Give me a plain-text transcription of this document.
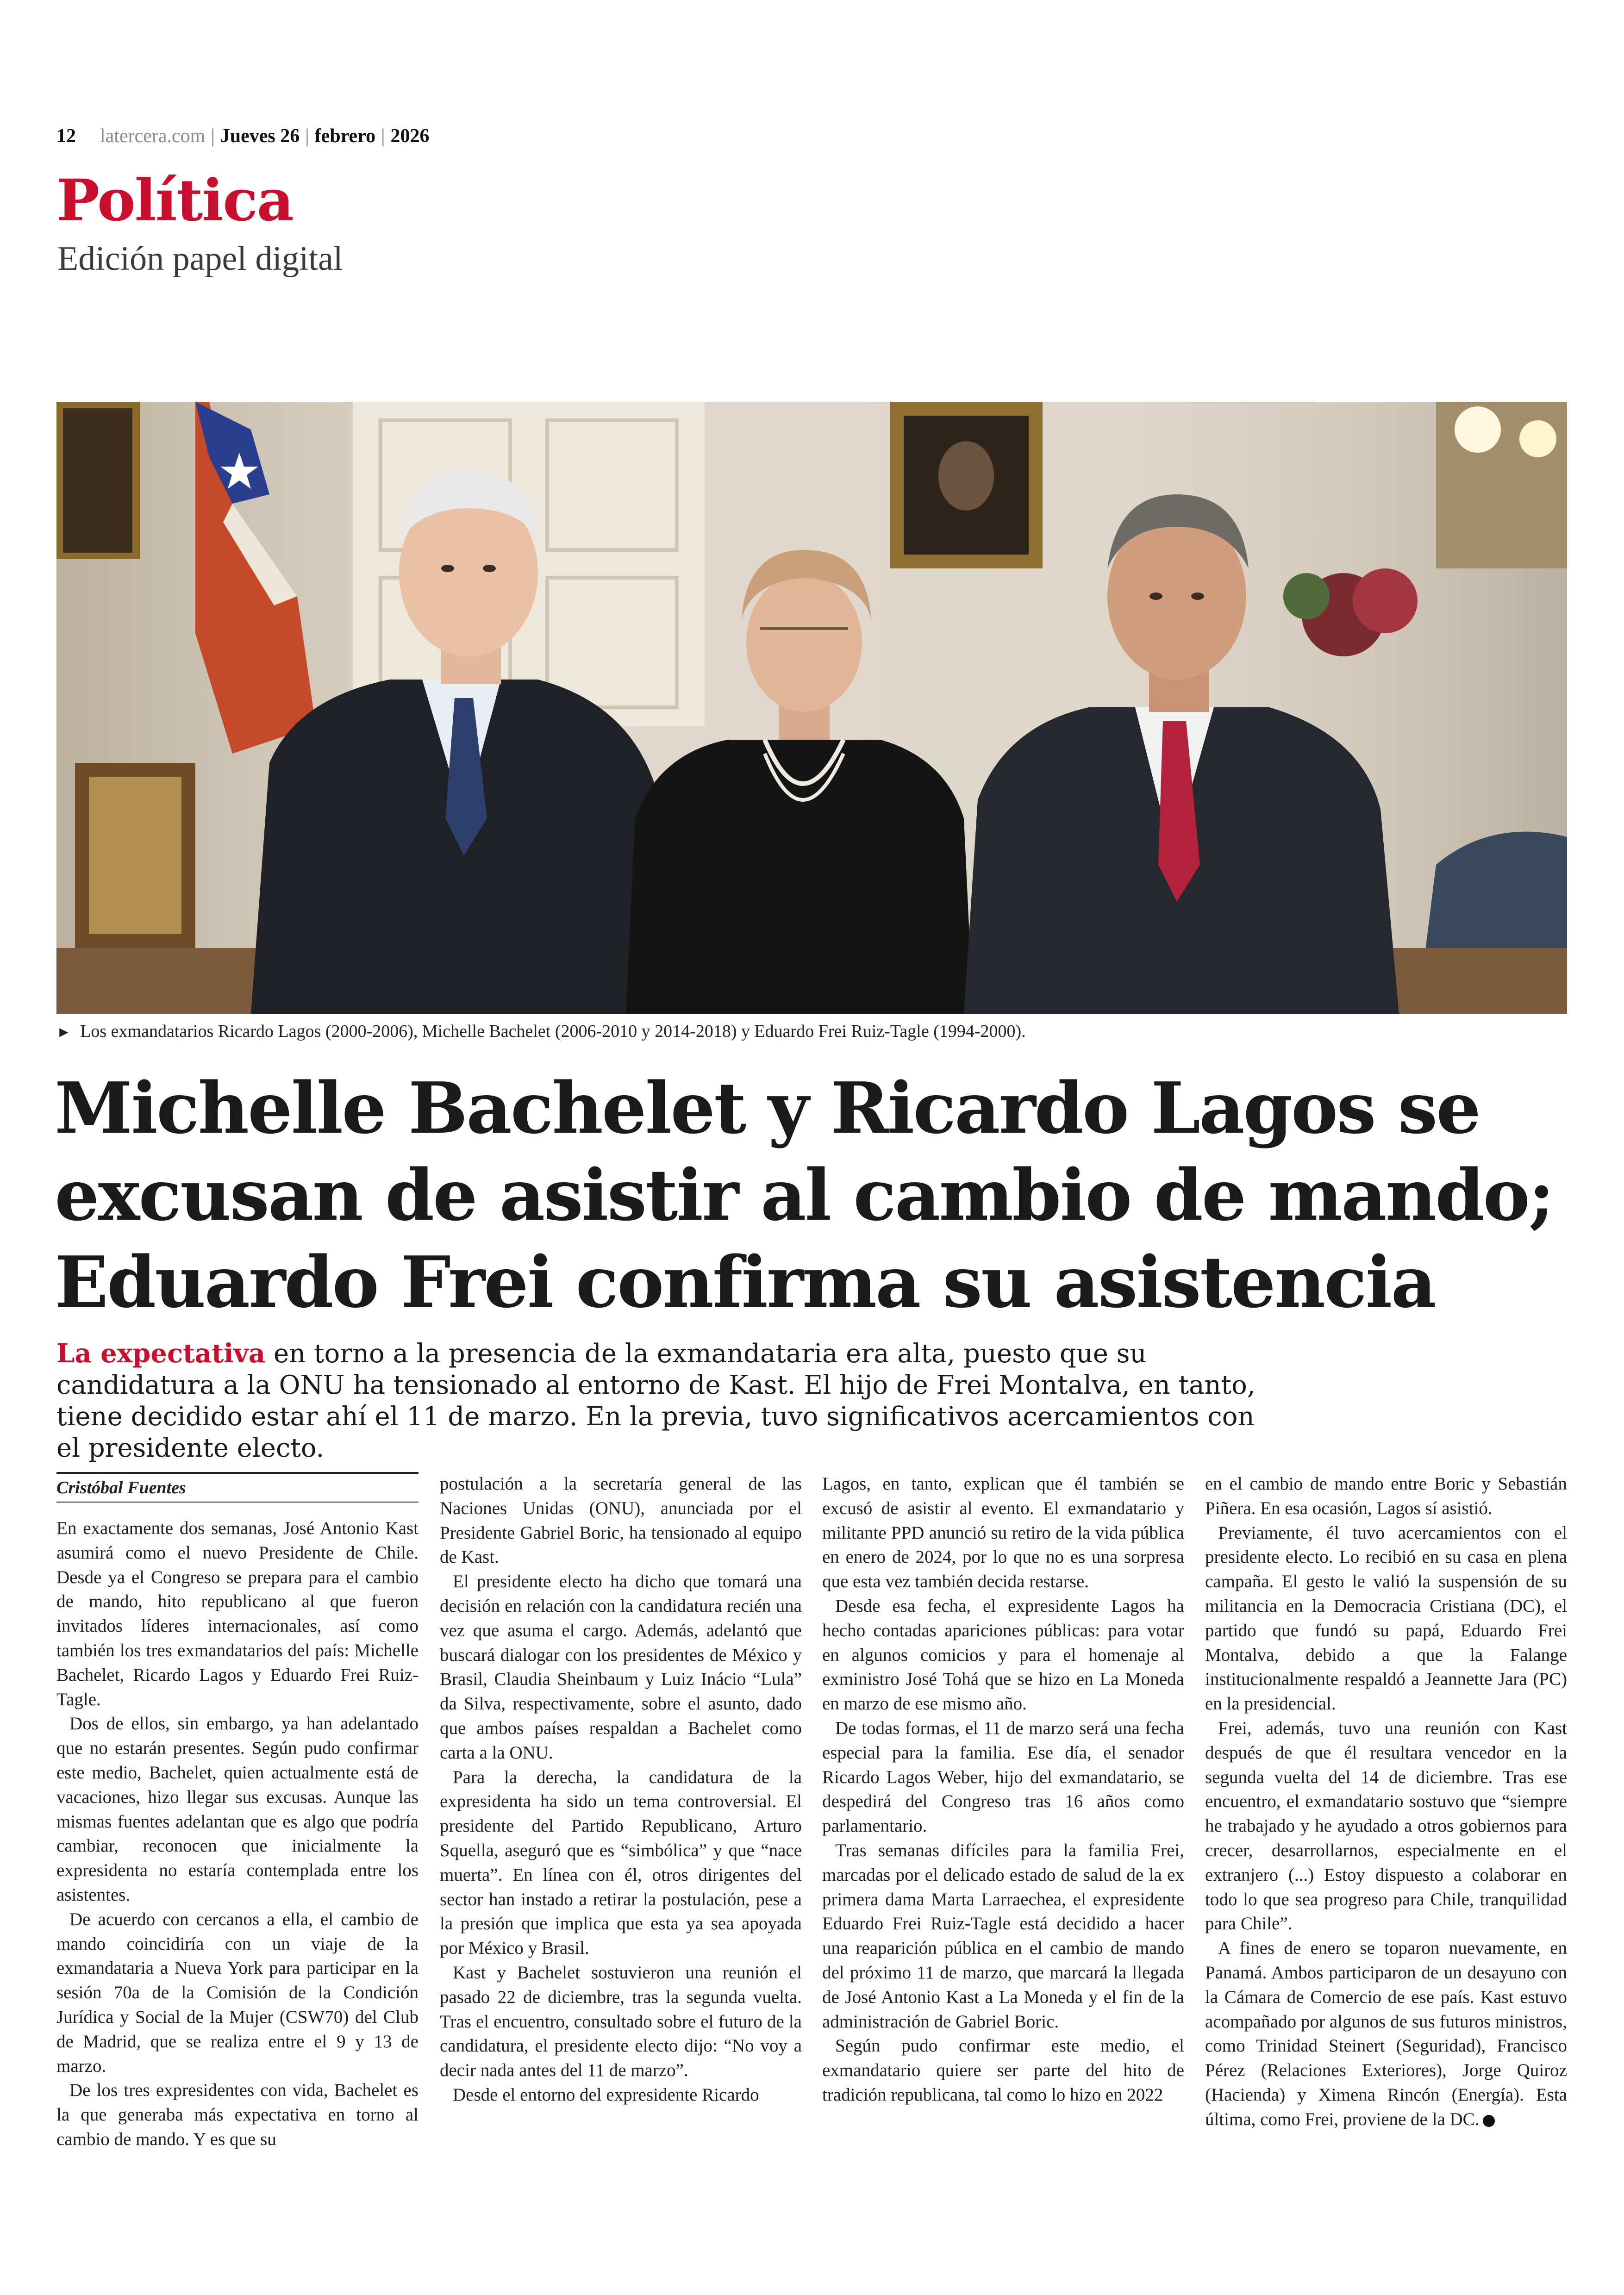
12 latercera.com | Jueves 26 | febrero | 2026
Política
Edición papel digital
► Los exmandatarios Ricardo Lagos (2000-2006), Michelle Bachelet (2006-2010 y 2014-2018) y Eduardo Frei Ruiz-Tagle (1994-2000).
Michelle Bachelet y Ricardo Lagos se excusan de asistir al cambio de mando; Eduardo Frei confirma su asistencia
La expectativa en torno a la presencia de la exmandataria era alta, puesto que su candidatura a la ONU ha tensionado al entorno de Kast. El hijo de Frei Montalva, en tanto, tiene decidido estar ahí el 11 de marzo. En la previa, tuvo significativos acercamientos con el presidente electo.
Cristóbal Fuentes

En exactamente dos semanas, José Antonio Kast asumirá como el nuevo Presidente de Chile. Desde ya el Congreso se prepara para el cambio de mando, hito republicano al que fueron invitados líderes internacionales, así como también los tres exmandatarios del país: Michelle Bachelet, Ricardo Lagos y Eduardo Frei Ruiz-Tagle.

Dos de ellos, sin embargo, ya han adelantado que no estarán presentes. Según pudo confirmar este medio, Bachelet, quien actualmente está de vacaciones, hizo llegar sus excusas. Aunque las mismas fuentes adelantan que es algo que podría cambiar, reconocen que inicialmente la expresidenta no estaría contemplada entre los asistentes.

De acuerdo con cercanos a ella, el cambio de mando coincidiría con un viaje de la exmandataria a Nueva York para participar en la sesión 70a de la Comisión de la Condición Jurídica y Social de la Mujer (CSW70) del Club de Madrid, que se realiza entre el 9 y 13 de marzo.

De los tres expresidentes con vida, Bachelet es la que generaba más expectativa en torno al cambio de mando. Y es que su

postulación a la secretaría general de las Naciones Unidas (ONU), anunciada por el Presidente Gabriel Boric, ha tensionado al equipo de Kast.

El presidente electo ha dicho que tomará una decisión en relación con la candidatura recién una vez que asuma el cargo. Además, adelantó que buscará dialogar con los presidentes de México y Brasil, Claudia Sheinbaum y Luiz Inácio “Lula” da Silva, respectivamente, sobre el asunto, dado que ambos países respaldan a Bachelet como carta a la ONU.

Para la derecha, la candidatura de la expresidenta ha sido un tema controversial. El presidente del Partido Republicano, Arturo Squella, aseguró que es “simbólica” y que “nace muerta”. En línea con él, otros dirigentes del sector han instado a retirar la postulación, pese a la presión que implica que esta ya sea apoyada por México y Brasil.

Kast y Bachelet sostuvieron una reunión el pasado 22 de diciembre, tras la segunda vuelta. Tras el encuentro, consultado sobre el futuro de la candidatura, el presidente electo dijo: “No voy a decir nada antes del 11 de marzo”.

Desde el entorno del expresidente Ricardo

Lagos, en tanto, explican que él también se excusó de asistir al evento. El exmandatario y militante PPD anunció su retiro de la vida pública en enero de 2024, por lo que no es una sorpresa que esta vez también decida restarse.

Desde esa fecha, el expresidente Lagos ha hecho contadas apariciones públicas: para votar en algunos comicios y para el homenaje al exministro José Tohá que se hizo en La Moneda en marzo de ese mismo año.

De todas formas, el 11 de marzo será una fecha especial para la familia. Ese día, el senador Ricardo Lagos Weber, hijo del exmandatario, se despedirá del Congreso tras 16 años como parlamentario.

Tras semanas difíciles para la familia Frei, marcadas por el delicado estado de salud de la ex primera dama Marta Larraechea, el expresidente Eduardo Frei Ruiz-Tagle está decidido a hacer una reaparición pública en el cambio de mando del próximo 11 de marzo, que marcará la llegada de José Antonio Kast a La Moneda y el fin de la administración de Gabriel Boric.

Según pudo confirmar este medio, el exmandatario quiere ser parte del hito de tradición republicana, tal como lo hizo en 2022

en el cambio de mando entre Boric y Sebastián Piñera. En esa ocasión, Lagos sí asistió.

Previamente, él tuvo acercamientos con el presidente electo. Lo recibió en su casa en plena campaña. El gesto le valió la suspensión de su militancia en la Democracia Cristiana (DC), el partido que fundó su papá, Eduardo Frei Montalva, debido a que la Falange institucionalmente respaldó a Jeannette Jara (PC) en la presidencial.

Frei, además, tuvo una reunión con Kast después de que él resultara vencedor en la segunda vuelta del 14 de diciembre. Tras ese encuentro, el exmandatario sostuvo que “siempre he trabajado y he ayudado a otros gobiernos para crecer, desarrollarnos, especialmente en el extranjero (...) Estoy dispuesto a colaborar en todo lo que sea progreso para Chile, tranquilidad para Chile”.

A fines de enero se toparon nuevamente, en Panamá. Ambos participaron de un desayuno con la Cámara de Comercio de ese país. Kast estuvo acompañado por algunos de sus futuros ministros, como Trinidad Steinert (Seguridad), Francisco Pérez (Relaciones Exteriores), Jorge Quiroz (Hacienda) y Ximena Rincón (Energía). Esta última, como Frei, proviene de la DC.
